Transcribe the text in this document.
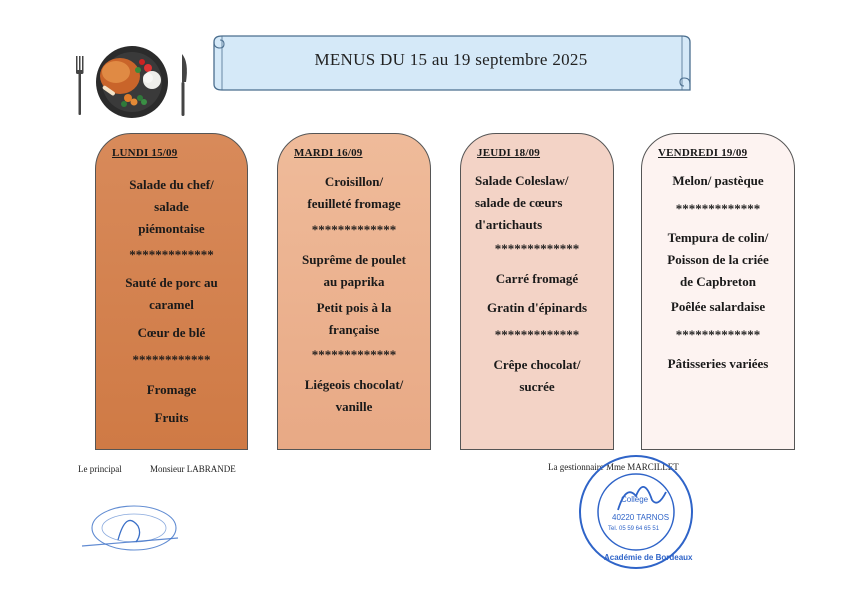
MENUS DU 15 au 19 septembre 2025
LUNDI 15/09
Salade du chef/
salade
piémontaise
*************
Sauté de porc au
caramel
Cœur de blé
************
Fromage
Fruits
MARDI 16/09
Croisillon/
feuilleté fromage
*************
Suprême de poulet
au paprika
Petit pois à la
française
*************
Liégeois chocolat/
vanille
JEUDI 18/09
Salade Coleslaw/
salade de cœurs
d'artichauts
*************
Carré fromagé
Gratin d'épinards
*************
Crêpe chocolat/
sucrée
VENDREDI 19/09
Melon/ pastèque
*************
Tempura de colin/
Poisson de la criée
de Capbreton
Poêlée salardaise
*************
Pâtisseries variées
Le principal	Monsieur LABRANDE	La gestionnaire Mme MARCILLET
Collège
40220 TARNOS
Tel. 05 59 64 65 51
Académie de Bordeaux
